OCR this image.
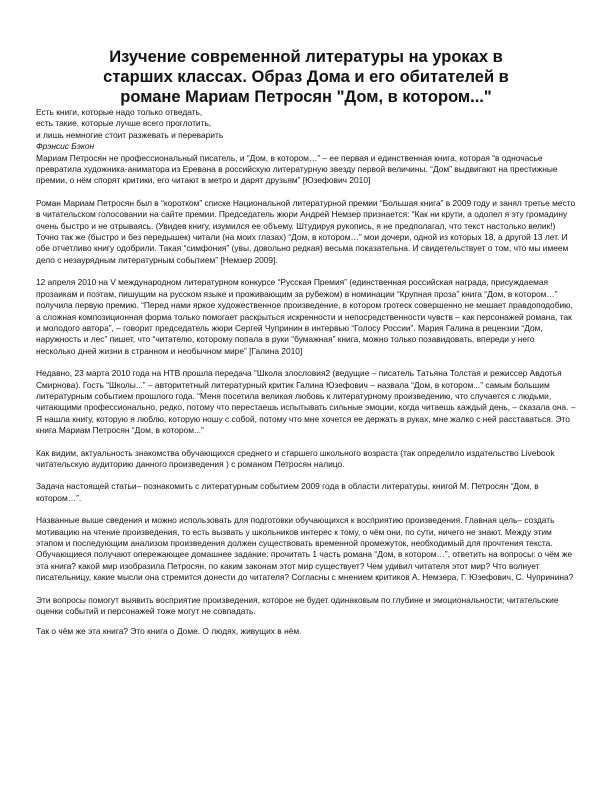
Изучение современной литературы на уроках в
старших классах. Образ Дома и его обитателей в
романе Мариам Петросян "Дом, в котором..."
Есть книги, которые надо только отведать,
есть такие, которые лучше всего проглотить,
и лишь немногие стоит разжевать и переварить
Фрэнсис Бэкон

Мариам Петросян не профессиональный писатель, и “Дом, в котором…” – ее первая и единственная книга, которая “в одночасье превратила художника-аниматора из Еревана в российскую литературную звезду первой величины. “Дом” выдвигают на престижные премии, о нём спорят критики, его читают в метро и дарят друзьям” [Юзефович 2010]

Роман Мариам Петросян был в “коротком” списке Национальной литературной премии “Большая книга” в 2009 году и занял третье место в читательском голосовании на сайте премии. Председатель жюри Андрей Немзер признается: “Как ни крути, а одолел я эту громадину очень быстро и не отрываясь. (Увидев книгу, изумился ее объему. Штудируя рукопись, я не предполагал, что текст настолько велик!) Точно так же (быстро и без передышек) читали (на моих глазах) “Дом, в котором…” мои дочери, одной из которых 18, а другой 13 лет. И обе отчетливо книгу одобрили. Такая “симфония” (увы, довольно редкая) весьма показательна. И свидетельствует о том, что мы имеем дело с незаурядным литературным событием” [Немзер 2009].

12 апреля 2010 на V международном литературном конкурсе “Русская Премия” (единственная российская награда, присуждаемая прозаикам и поэтам, пишущим на русском языке и проживающим за рубежом) в номинации “Крупная проза” книга “Дом, в котором…” получила первую премию. “Перед нами яркое художественное произведение, в котором гротеск совершенно не мешает правдоподобию, а сложная композиционная форма только помогает раскрыться искренности и непосредственности чувств – как персонажей романа, так и молодого автора”, – говорит председатель жюри Сергей Чупринин в интервью “Голосу России”. Мария Галина в рецензии “Дом, наружность и лес” пишет, что “читателю, которому попала в руки “бумажная” книга, можно только позавидовать, впереди у него несколько дней жизни в странном и необычном мире” [Галина 2010]

Недавно, 23 марта 2010 года на НТВ прошла передача “Школа злословия2 (ведущие – писатель Татьяна Толстая и режиссер Авдотья Смирнова). Гость “Школы...” – авторитетный литературный критик Галина Юзефович – назвала “Дом, в котором...” самым большим литературным событием прошлого года. “Меня посетила великая любовь к литературному произведению, что случается с людьми, читающими профессионально, редко, потому что перестаешь испытывать сильные эмоции, когда читаешь каждый день, – сказала она. – Я нашла книгу, которую я люблю, которую ношу с собой, потому что мне хочется ее держать в руках, мне жалко с ней расставаться. Это книга Мариам Петросян “Дом, в котором...”

Как видим, актуальность знакомства обучающихся среднего и старшего школьного возраста (так определило издательство Livebook читательскую аудиторию данного произведения ) с романом Петросян налицо.

Задача настоящей статьи– познакомить с литературным событием 2009 года в области литературы, книгой М. Петросян “Дом, в котором…”.

Названные выше сведения и можно использовать для подготовки обучающихся к восприятию произведения. Главная цель– создать мотивацию на чтение произведения, то есть вызвать у школьников интерес к тому, о чём они, по сути, ничего не знают. Между этим этапом и последующим анализом произведения должен существовать временной промежуток, необходимый для прочтения текста. Обучающиеся получают опережающее домашнее задание: прочитать 1 часть романа “Дом, в котором…”, ответить на вопросы: о чём же эта книга? какой мир изобразила Петросян, по каким законам этот мир существует? Чем удивил читателя этот мир? Что волнует писательницу, какие мысли она стремится донести до читателя? Согласны с мнением критиков А. Немзера, Г. Юзефович, С. Чупринина?

Эти вопросы помогут выявить восприятие произведения, которое не будет одинаковым по глубине и эмоциональности; читательские оценки событий и персонажей тоже могут не совпадать.

Так о чём же эта книга? Это книга о Доме. О людях, живущих в нём.
